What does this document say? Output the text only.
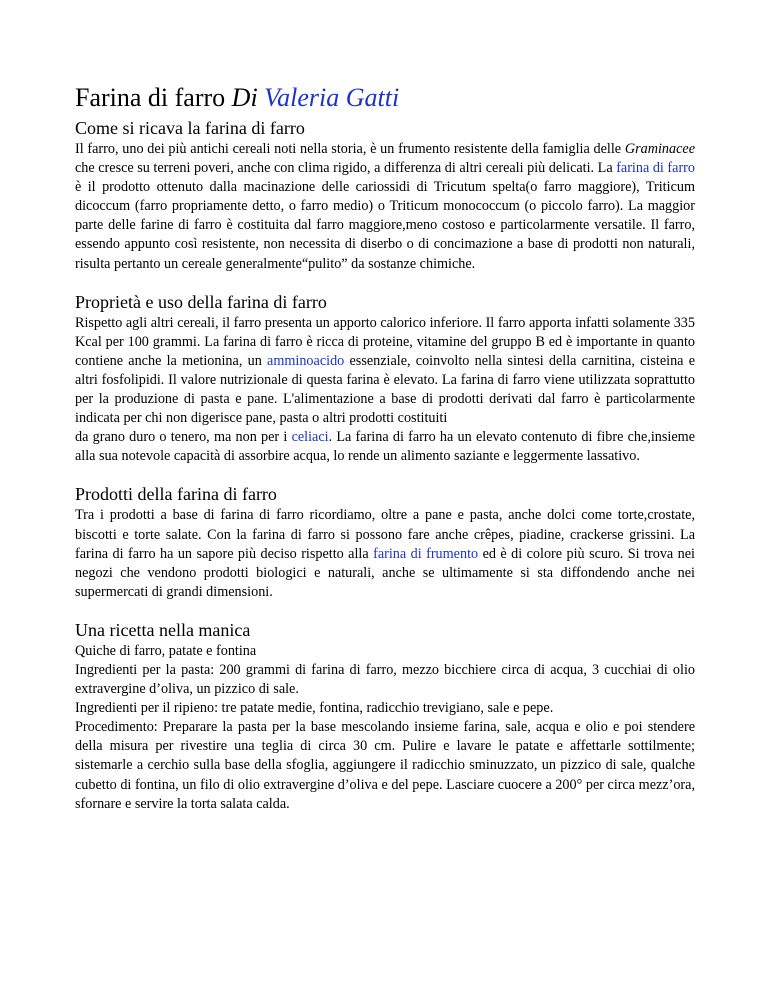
Farina di farro Di Valeria Gatti
Come si ricava la farina di farro

Il farro, uno dei più antichi cereali noti nella storia, è un frumento resistente della famiglia delle Graminacee che cresce su terreni poveri, anche con clima rigido, a differenza di altri cereali più delicati. La farina di farro è il prodotto ottenuto dalla macinazione delle cariossidi di Tricutum spelta(o farro maggiore), Triticum dicoccum (farro propriamente detto, o farro medio) o Triticum monococcum (o piccolo farro). La maggior parte delle farine di farro è costituita dal farro maggiore,meno costoso e particolarmente versatile. Il farro, essendo appunto così resistente, non necessita di diserbo o di concimazione a base di prodotti non naturali, risulta pertanto un cereale generalmente“pulito” da sostanze chimiche.

Proprietà e uso della farina di farro

Rispetto agli altri cereali, il farro presenta un apporto calorico inferiore. Il farro apporta infatti solamente 335 Kcal per 100 grammi. La farina di farro è ricca di proteine, vitamine del gruppo B ed è importante in quanto contiene anche la metionina, un amminoacido essenziale, coinvolto nella sintesi della carnitina, cisteina e altri fosfolipidi. Il valore nutrizionale di questa farina è elevato. La farina di farro viene utilizzata soprattutto per la produzione di pasta e pane. L'alimentazione a base di prodotti derivati dal farro è particolarmente indicata per chi non digerisce pane, pasta o altri prodotti costituiti

da grano duro o tenero, ma non per i celiaci. La farina di farro ha un elevato contenuto di fibre che,insieme alla sua notevole capacità di assorbire acqua, lo rende un alimento saziante e leggermente lassativo.

Prodotti della farina di farro

Tra i prodotti a base di farina di farro ricordiamo, oltre a pane e pasta, anche dolci come torte,crostate, biscotti e torte salate. Con la farina di farro si possono fare anche crêpes, piadine, crackerse grissini. La farina di farro ha un sapore più deciso rispetto alla farina di frumento ed è di colore più scuro. Si trova nei negozi che vendono prodotti biologici e naturali, anche se ultimamente si sta diffondendo anche nei supermercati di grandi dimensioni.

Una ricetta nella manica

Quiche di farro, patate e fontina

Ingredienti per la pasta: 200 grammi di farina di farro, mezzo bicchiere circa di acqua, 3 cucchiai di olio extravergine d’oliva, un pizzico di sale.

Ingredienti per il ripieno: tre patate medie, fontina, radicchio trevigiano, sale e pepe.

Procedimento: Preparare la pasta per la base mescolando insieme farina, sale, acqua e olio e poi stendere della misura per rivestire una teglia di circa 30 cm. Pulire e lavare le patate e affettarle sottilmente; sistemarle a cerchio sulla base della sfoglia, aggiungere il radicchio sminuzzato, un pizzico di sale, qualche cubetto di fontina, un filo di olio extravergine d’oliva e del pepe. Lasciare cuocere a 200° per circa mezz’ora, sfornare e servire la torta salata calda.
